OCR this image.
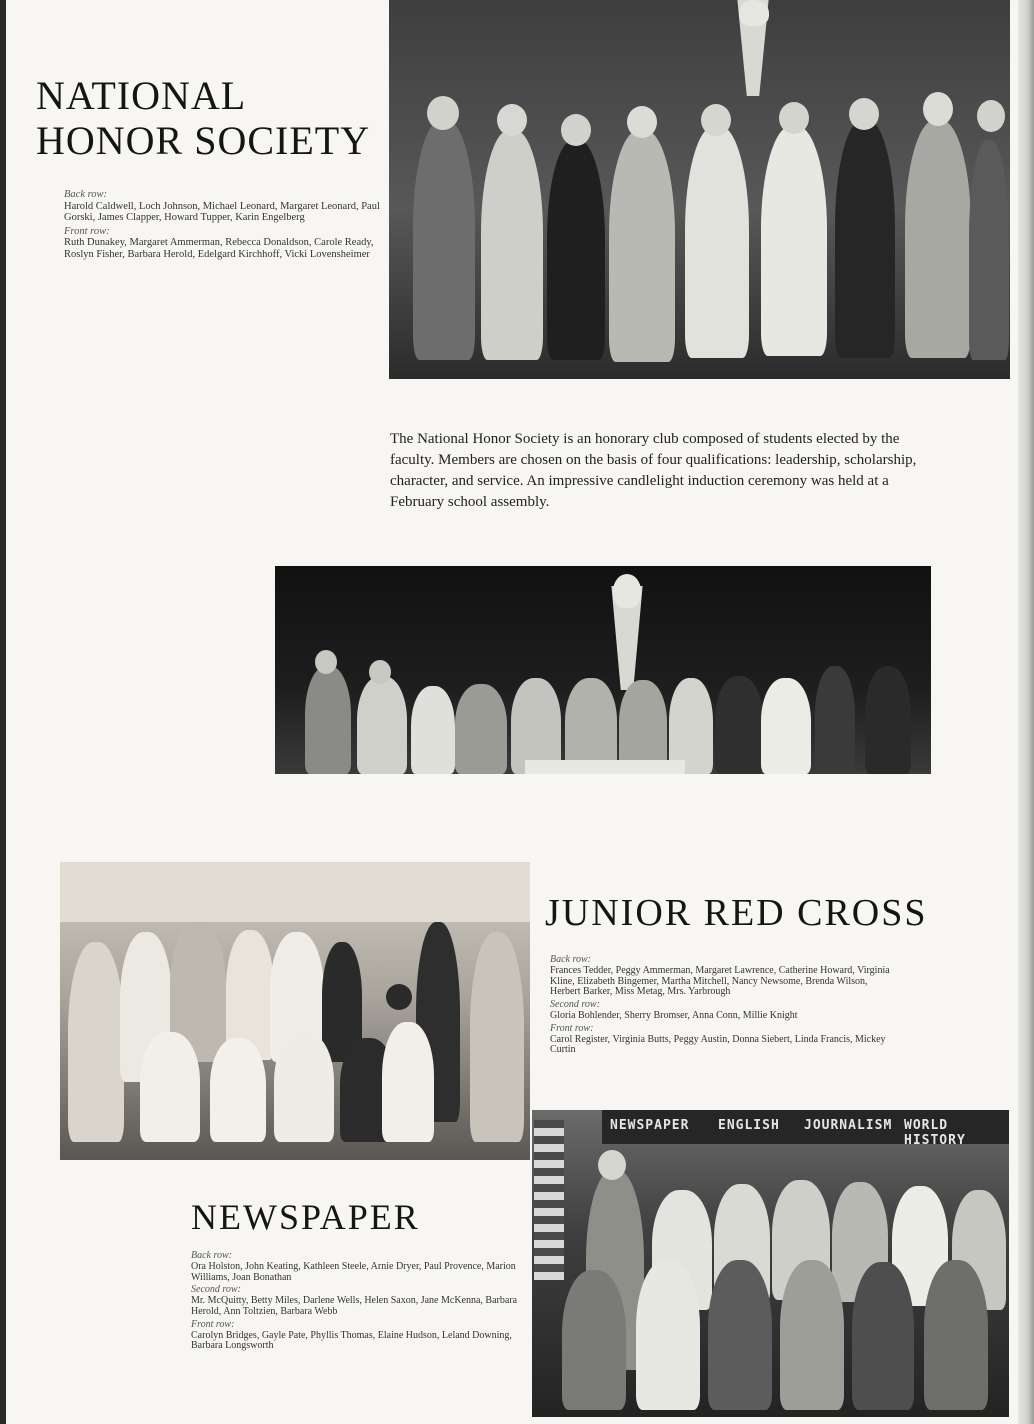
NATIONAL
HONOR SOCIETY
Back row:
Harold Caldwell, Loch Johnson, Michael Leonard, Margaret Leonard, Paul Gorski, James Clapper, Howard Tupper, Karin Engelberg
Front row:
Ruth Dunakey, Margaret Ammerman, Rebecca Donaldson, Carole Ready, Roslyn Fisher, Barbara Herold, Edelgard Kirchhoff, Vicki Lovensheimer

The National Honor Society is an honorary club composed of students elected by the faculty. Members are chosen on the basis of four qualifications: leadership, scholarship, character, and service. An impressive candlelight induction ceremony was held at a February school assembly.

JUNIOR RED CROSS
Back row:
Frances Tedder, Peggy Ammerman, Margaret Lawrence, Catherine Howard, Virginia Kline, Elizabeth Bingemer, Martha Mitchell, Nancy Newsome, Brenda Wilson, Herbert Barker, Miss Metag, Mrs. Yarbrough
Second row:
Gloria Bohlender, Sherry Bromser, Anna Conn, Millie Knight
Front row:
Carol Register, Virginia Butts, Peggy Austin, Donna Siebert, Linda Francis, Mickey Curtin
NEWSPAPER
Back row:
Ora Holston, John Keating, Kathleen Steele, Arnie Dryer, Paul Provence, Marion Williams, Joan Bonathan
Second row:
Mr. McQuitty, Betty Miles, Darlene Wells, Helen Saxon, Jane McKenna, Barbara Herold, Ann Toltzien, Barbara Webb
Front row:
Carolyn Bridges, Gayle Pate, Phyllis Thomas, Elaine Hudson, Leland Downing, Barbara Longsworth
NEWSPAPER ENGLISH JOURNALISM WORLD HISTORY
